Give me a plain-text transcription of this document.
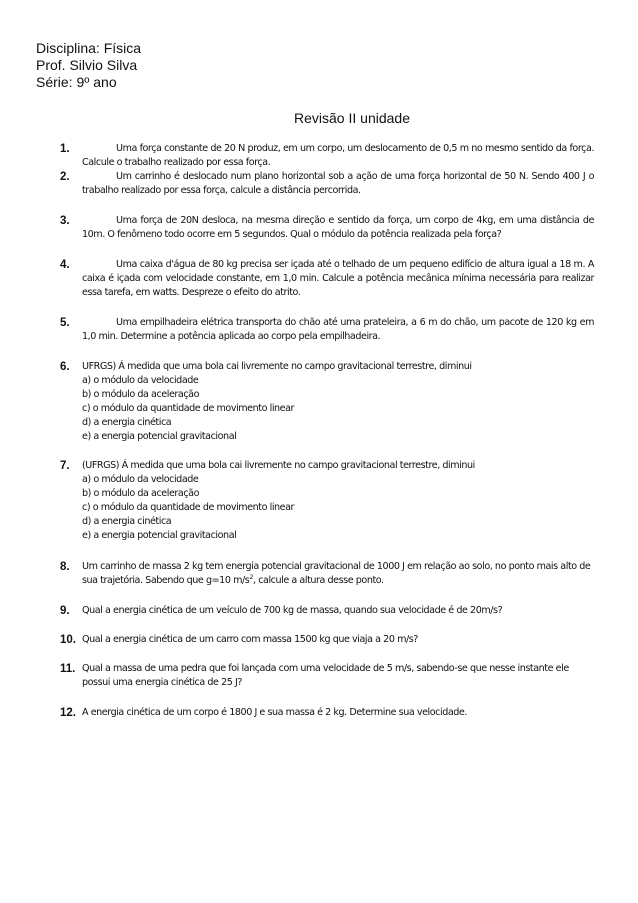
Disciplina: Física
Prof. Silvio Silva
Série: 9º ano
Revisão II unidade
1.	Uma força constante de 20 N produz, em um corpo, um deslocamento de 0,5 m no mesmo sentido da força. Calcule o trabalho realizado por essa força.
2.	Um carrinho é deslocado num plano horizontal sob a ação de uma força horizontal de 50 N. Sendo 400 J o trabalho realizado por essa força, calcule a distância percorrida.
3.	Uma força de 20N desloca, na mesma direção e sentido da força, um corpo de 4kg, em uma distância de 10m. O fenômeno todo ocorre em 5 segundos. Qual o módulo da potência realizada pela força?
4.	Uma caixa d'água de 80 kg precisa ser içada até o telhado de um pequeno edifício de altura igual a 18 m. A caixa é içada com velocidade constante, em 1,0 min. Calcule a potência mecânica mínima necessária para realizar essa tarefa, em watts. Despreze o efeito do atrito.
5.	Uma empilhadeira elétrica transporta do chão até uma prateleira, a 6 m do chão, um pacote de 120 kg em 1,0 min. Determine a potência aplicada ao corpo pela empilhadeira.
6. UFRGS) Á medida que uma bola cai livremente no campo gravitacional terrestre, diminui
a) o módulo da velocidade
b) o módulo da aceleração
c) o módulo da quantidade de movimento linear
d) a energia cinética
e) a energia potencial gravitacional
7. (UFRGS) Á medida que uma bola cai livremente no campo gravitacional terrestre, diminui
a) o módulo da velocidade
b) o módulo da aceleração
c) o módulo da quantidade de movimento linear
d) a energia cinética
e) a energia potencial gravitacional
8. Um carrinho de massa 2 kg tem energia potencial gravitacional de 1000 J em relação ao solo, no ponto mais alto de sua trajetória. Sabendo que g=10 $m/s^2$, calcule a altura desse ponto.
9. Qual a energia cinética de um veículo de 700 kg de massa, quando sua velocidade é de 20m/s?
10. Qual a energia cinética de um carro com massa 1500 kg que viaja a 20 m/s?
11. Qual a massa de uma pedra que foi lançada com uma velocidade de 5 m/s, sabendo-se que nesse instante ele possui uma energia cinética de 25 J?
12. A energia cinética de um corpo é 1800 J e sua massa é 2 kg. Determine sua velocidade.
